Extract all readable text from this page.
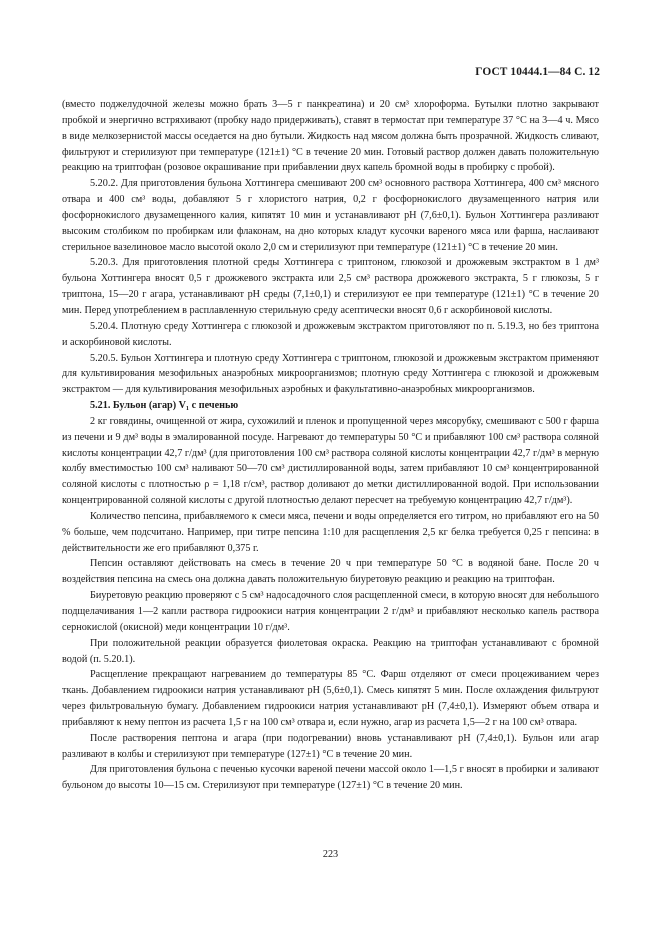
ГОСТ 10444.1—84 С. 12

(вместо поджелудочной железы можно брать 3—5 г панкреатина) и 20 см³ хлороформа. Бутылки плотно закрывают пробкой и энергично встряхивают (пробку надо придерживать), ставят в термостат при температуре 37 °С на 3—4 ч. Мясо в виде мелкозернистой массы оседается на дно бутыли. Жидкость над мясом должна быть прозрачной. Жидкость сливают, фильтруют и стерилизуют при температуре (121±1) °С в течение 20 мин. Готовый раствор должен давать положительную реакцию на триптофан (розовое окрашивание при прибавлении двух капель бромной воды в пробирку с пробой).

5.20.2. Для приготовления бульона Хоттингера смешивают 200 см³ основного раствора Хоттингера, 400 см³ мясного отвара и 400 см³ воды, добавляют 5 г хлористого натрия, 0,2 г фосфорнокислого двузамещенного натрия или фосфорнокислого двузамещенного калия, кипятят 10 мин и устанавливают рН (7,6±0,1). Бульон Хоттингера разливают высоким столбиком по пробиркам или флаконам, на дно которых кладут кусочки вареного мяса или фарша, наслаивают стерильное вазелиновое масло высотой около 2,0 см и стерилизуют при температуре (121±1) °С в течение 20 мин.

5.20.3. Для приготовления плотной среды Хоттингера с триптоном, глюкозой и дрожжевым экстрактом в 1 дм³ бульона Хоттингера вносят 0,5 г дрожжевого экстракта или 2,5 см³ раствора дрожжевого экстракта, 5 г глюкозы, 5 г триптона, 15—20 г агара, устанавливают рН среды (7,1±0,1) и стерилизуют ее при температуре (121±1) °С в течение 20 мин. Перед употреблением в расплавленную стерильную среду асептически вносят 0,6 г аскорбиновой кислоты.

5.20.4. Плотную среду Хоттингера с глюкозой и дрожжевым экстрактом приготовляют по п. 5.19.3, но без триптона и аскорбиновой кислоты.

5.20.5. Бульон Хоттингера и плотную среду Хоттингера с триптоном, глюкозой и дрожжевым экстрактом применяют для культивирования мезофильных анаэробных микроорганизмов; плотную среду Хоттингера с глюкозой и дрожжевым экстрактом — для культивирования мезофильных аэробных и факультативно-анаэробных микроорганизмов.

5.21. Бульон (агар) V₁ с печенью

2 кг говядины, очищенной от жира, сухожилий и пленок и пропущенной через мясорубку, смешивают с 500 г фарша из печени и 9 дм³ воды в эмалированной посуде. Нагревают до температуры 50 °С и прибавляют 100 см³ раствора соляной кислоты концентрации 42,7 г/дм³ (для приготовления 100 см³ раствора соляной кислоты концентрации 42,7 г/дм³ в мерную колбу вместимостью 100 см³ наливают 50—70 см³ дистиллированной воды, затем прибавляют 10 см³ концентрированной соляной кислоты с плотностью ρ = 1,18 г/см³, раствор доливают до метки дистиллированной водой. При использовании концентрированной соляной кислоты с другой плотностью делают пересчет на требуемую концентрацию 42,7 г/дм³).

Количество пепсина, прибавляемого к смеси мяса, печени и воды определяется его титром, но прибавляют его на 50 % больше, чем подсчитано. Например, при титре пепсина 1:10 для расщепления 2,5 кг белка требуется 0,25 г пепсина: в действительности же его прибавляют 0,375 г.

Пепсин оставляют действовать на смесь в течение 20 ч при температуре 50 °С в водяной бане. После 20 ч воздействия пепсина на смесь она должна давать положительную биуретовую реакцию и реакцию на триптофан.

Биуретовую реакцию проверяют с 5 см³ надосадочного слоя расщепленной смеси, в которую вносят для небольшого подщелачивания 1—2 капли раствора гидроокиси натрия концентрации 2 г/дм³ и прибавляют несколько капель раствора сернокислой (окисной) меди концентрации 10 г/дм³.

При положительной реакции образуется фиолетовая окраска. Реакцию на триптофан устанавливают с бромной водой (п. 5.20.1).

Расщепление прекращают нагреванием до температуры 85 °С. Фарш отделяют от смеси процеживанием через ткань. Добавлением гидроокиси натрия устанавливают рН (5,6±0,1). Смесь кипятят 5 мин. После охлаждения фильтруют через фильтровальную бумагу. Добавлением гидроокиси натрия устанавливают рН (7,4±0,1). Измеряют объем отвара и прибавляют к нему пептон из расчета 1,5 г на 100 см³ отвара и, если нужно, агар из расчета 1,5—2 г на 100 см³ отвара.

После растворения пептона и агара (при подогревании) вновь устанавливают рН (7,4±0,1). Бульон или агар разливают в колбы и стерилизуют при температуре (127±1) °С в течение 20 мин.

Для приготовления бульона с печенью кусочки вареной печени массой около 1—1,5 г вносят в пробирки и заливают бульоном до высоты 10—15 см. Стерилизуют при температуре (127±1) °С в течение 20 мин.

223
